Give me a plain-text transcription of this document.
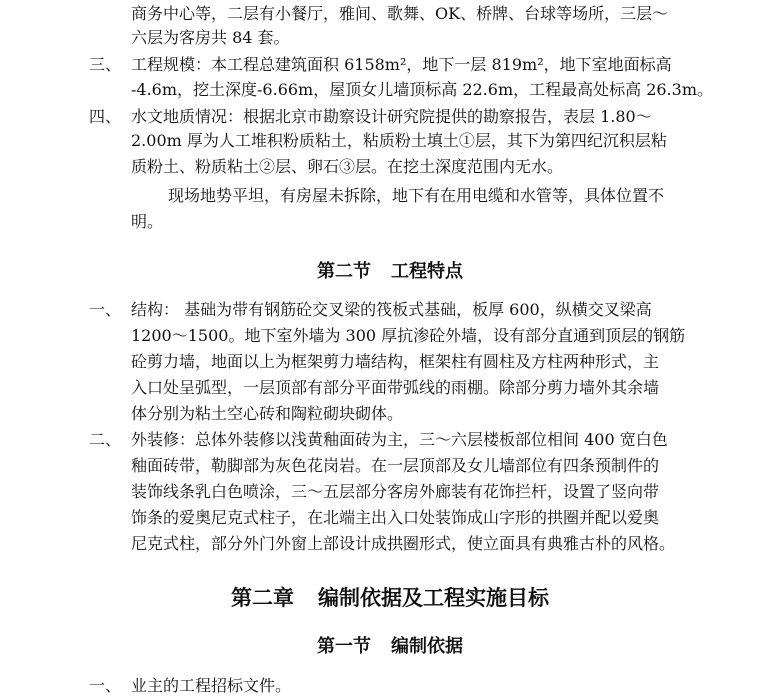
商务中心等，二层有小餐厅，雅间、歌舞、OK、桥牌、台球等场所，三层～
六层为客房共 84 套。
三、 工程规模：本工程总建筑面积 6158m²，地下一层 819m²，地下室地面标高
-4.6m，挖土深度-6.66m，屋顶女儿墙顶标高 22.6m，工程最高处标高 26.3m。
四、 水文地质情况：根据北京市勘察设计研究院提供的勘察报告，表层 1.80～
2.00m 厚为人工堆积粉质粘土，粘质粉土填土①层，其下为第四纪沉积层粘
质粉土、粉质粘土②层、卵石③层。在挖土深度范围内无水。
现场地势平坦，有房屋未拆除，地下有在用电缆和水管等，具体位置不
明。
第二节 工程特点
一、 结构： 基础为带有钢筋砼交叉梁的筏板式基础，板厚 600，纵横交叉梁高
1200～1500。地下室外墙为 300 厚抗渗砼外墙，设有部分直通到顶层的钢筋
砼剪力墙，地面以上为框架剪力墙结构，框架柱有圆柱及方柱两种形式，主
入口处呈弧型，一层顶部有部分平面带弧线的雨棚。除部分剪力墙外其余墙
体分别为粘土空心砖和陶粒砌块砌体。
二、 外装修：总体外装修以浅黄釉面砖为主，三～六层楼板部位相间 400 宽白色
釉面砖带，勒脚部为灰色花岗岩。在一层顶部及女儿墙部位有四条预制件的
装饰线条乳白色喷涂，三～五层部分客房外廊装有花饰拦杆，设置了竖向带
饰条的爱奥尼克式柱子，在北端主出入口处装饰成山字形的拱圈并配以爱奥
尼克式柱，部分外门外窗上部设计成拱圈形式，使立面具有典雅古朴的风格。
第二章 编制依据及工程实施目标
第一节 编制依据
一、 业主的工程招标文件。
